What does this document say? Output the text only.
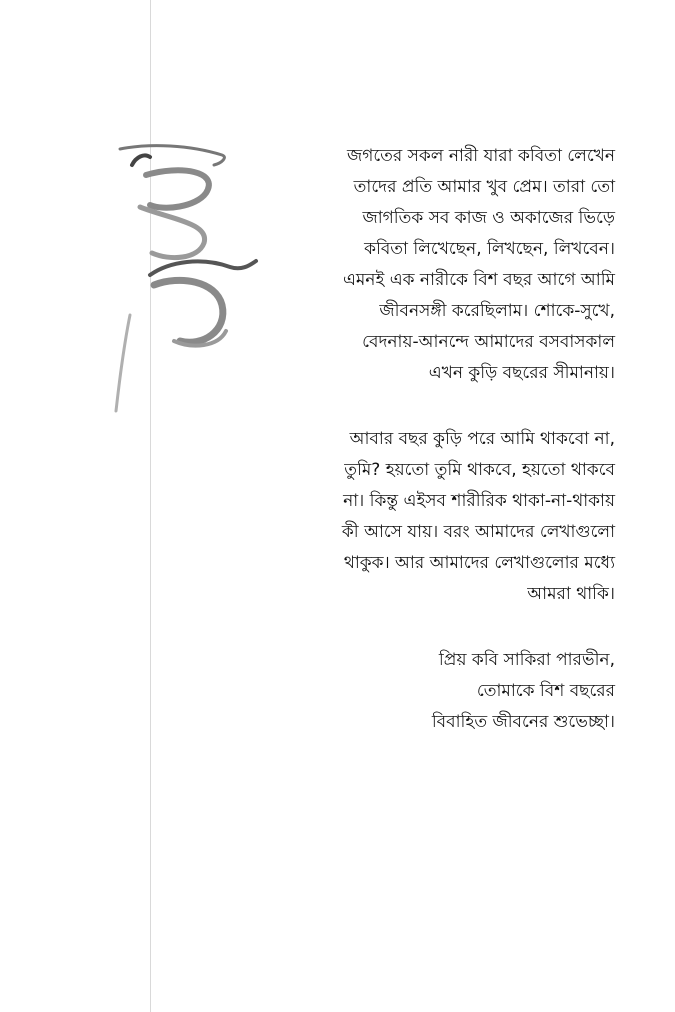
জগতের সকল নারী যারা কবিতা লেখেন
তাদের প্রতি আমার খুব প্রেম। তারা তো
জাগতিক সব কাজ ও অকাজের ভিড়ে
কবিতা লিখেছেন, লিখছেন, লিখবেন।
এমনই এক নারীকে বিশ বছর আগে আমি
জীবনসঙ্গী করেছিলাম। শোকে-সুখে,
বেদনায়-আনন্দে আমাদের বসবাসকাল
এখন কুড়ি বছরের সীমানায়।
আবার বছর কুড়ি পরে আমি থাকবো না,
তুমি? হয়তো তুমি থাকবে, হয়তো থাকবে
না। কিন্তু এইসব শারীরিক থাকা-না-থাকায়
কী আসে যায়। বরং আমাদের লেখাগুলো
থাকুক। আর আমাদের লেখাগুলোর মধ্যে
আমরা থাকি।
প্রিয় কবি সাকিরা পারভীন,
তোমাকে বিশ বছরের
বিবাহিত জীবনের শুভেচ্ছা।
